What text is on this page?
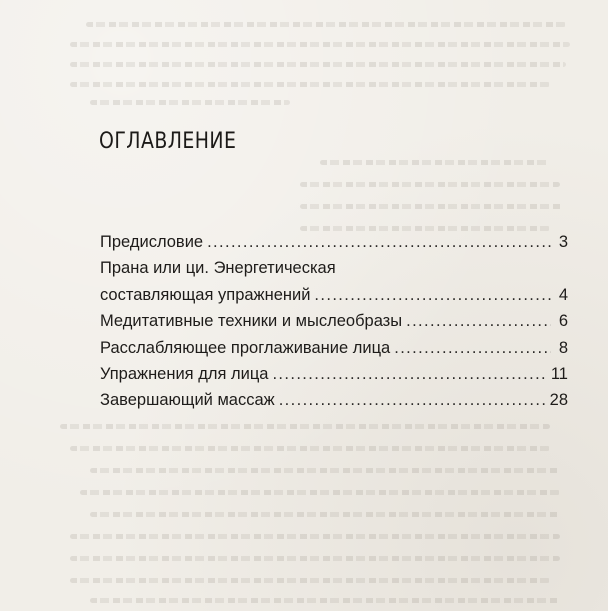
ОГЛАВЛЕНИЕ
Предисловие . . .	3
Прана или ци. Энергетическая
составляющая упражнений . . .	4
Медитативные техники и мыслеобразы . . .	6
Расслабляющее проглаживание лица . . .	8
Упражнения для лица . . .	11
Завершающий массаж . . .	28
